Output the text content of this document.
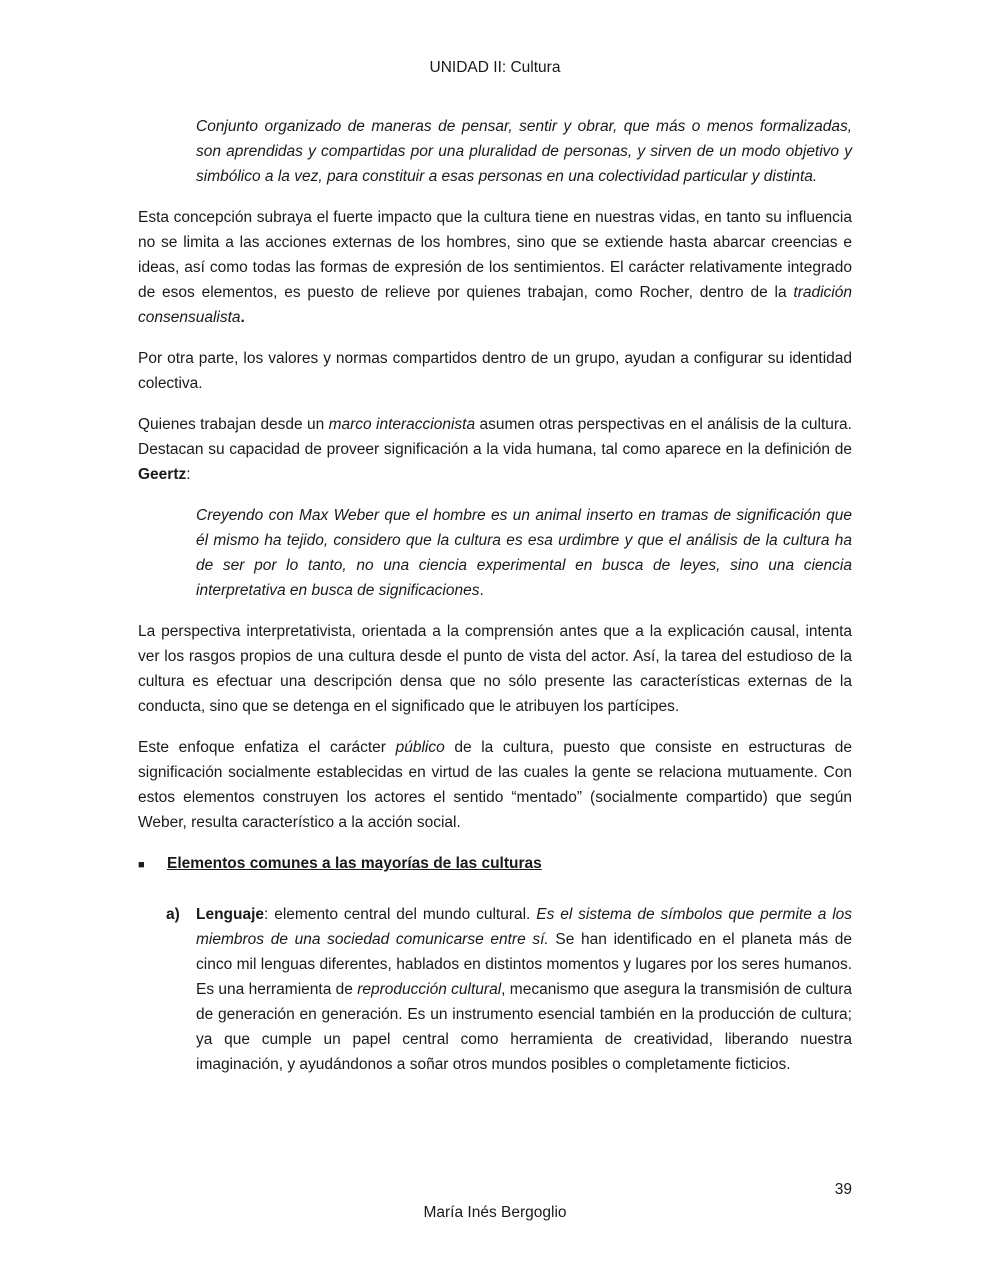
UNIDAD II: Cultura

Conjunto organizado de maneras de pensar, sentir y obrar, que más o menos formalizadas, son aprendidas y compartidas por una pluralidad de personas, y sirven de un modo objetivo y simbólico a la vez, para constituir a esas personas en una colectividad particular y distinta.

Esta concepción subraya el fuerte impacto que la cultura tiene en nuestras vidas, en tanto su influencia no se limita a las acciones externas de los hombres, sino que se extiende hasta abarcar creencias e ideas, así como todas las formas de expresión de los sentimientos. El carácter relativamente integrado de esos elementos, es puesto de relieve por quienes trabajan, como Rocher, dentro de la tradición consensualista.

Por otra parte, los valores y normas compartidos dentro de un grupo, ayudan a configurar su identidad colectiva.

Quienes trabajan desde un marco interaccionista asumen otras perspectivas en el análisis de la cultura. Destacan su capacidad de proveer significación a la vida humana, tal como aparece en la definición de Geertz:

Creyendo con Max Weber que el hombre es un animal inserto en tramas de significación que él mismo ha tejido, considero que la cultura es esa urdimbre y que el análisis de la cultura ha de ser por lo tanto, no una ciencia experimental en busca de leyes, sino una ciencia interpretativa en busca de significaciones.

La perspectiva interpretativista, orientada a la comprensión antes que a la explicación causal, intenta ver los rasgos propios de una cultura desde el punto de vista del actor. Así, la tarea del estudioso de la cultura es efectuar una descripción densa que no sólo presente las características externas de la conducta, sino que se detenga en el significado que le atribuyen los partícipes.

Este enfoque enfatiza el carácter público de la cultura, puesto que consiste en estructuras de significación socialmente establecidas en virtud de las cuales la gente se relaciona mutuamente. Con estos elementos construyen los actores el sentido “mentado” (socialmente compartido) que según Weber, resulta característico a la acción social.

■	Elementos comunes a las mayorías de las culturas
a)	Lenguaje: elemento central del mundo cultural. Es el sistema de símbolos que permite a los miembros de una sociedad comunicarse entre sí. Se han identificado en el planeta más de cinco mil lenguas diferentes, hablados en distintos momentos y lugares por los seres humanos. Es una herramienta de reproducción cultural, mecanismo que asegura la transmisión de cultura de generación en generación. Es un instrumento esencial también en la producción de cultura; ya que cumple un papel central como herramienta de creatividad, liberando nuestra imaginación, y ayudándonos a soñar otros mundos posibles o completamente ficticios.
39
María Inés Bergoglio
